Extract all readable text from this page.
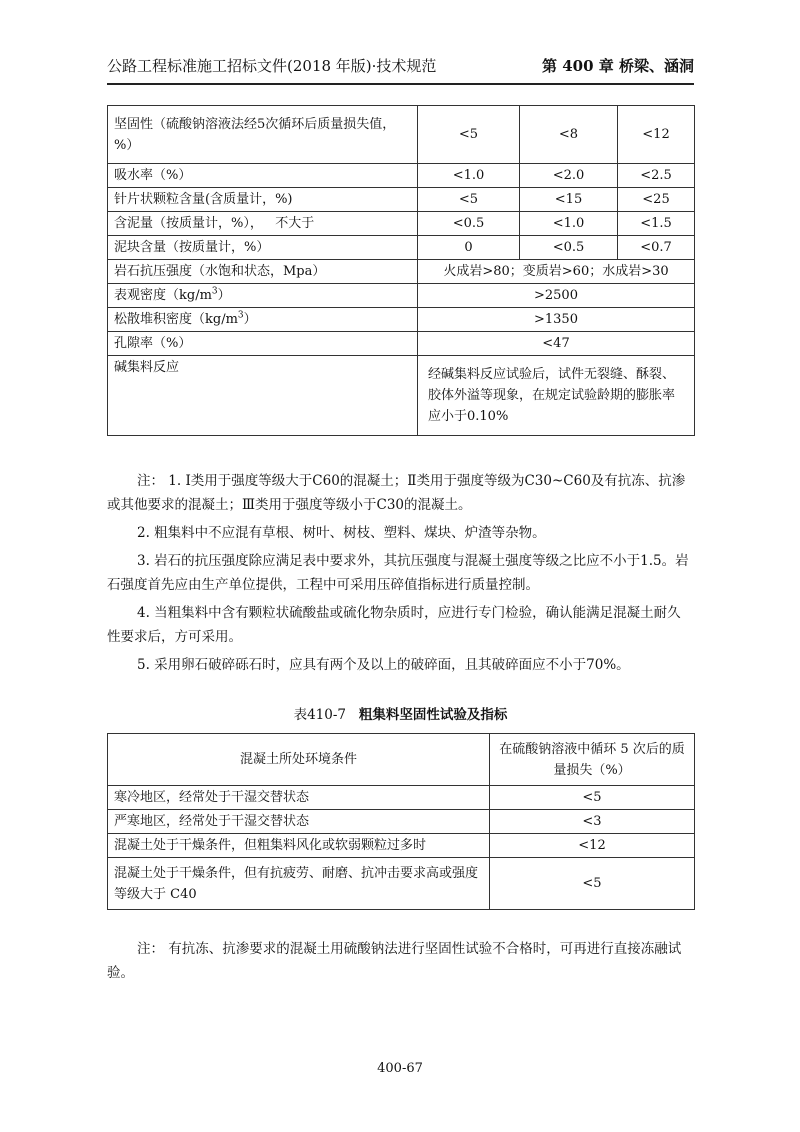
公路工程标准施工招标文件(2018 年版)·技术规范	第 400 章 桥梁、涵洞
坚固性（硫酸钠溶液法经5次循环后质量损失值，%）	<5	<8	<12
吸水率（%）	<1.0	<2.0	<2.5
针片状颗粒含量(含质量计，%)	<5	<15	<25
含泥量（按质量计，%），   不大于	<0.5	<1.0	<1.5
泥块含量（按质量计，%）	0	<0.5	<0.7
岩石抗压强度（水饱和状态，Mpa）	火成岩>80；变质岩>60；水成岩>30		
表观密度$(kg/m^3)$	>2500		
松散堆积密度$(kg/m^3)$	>1350		
孔隙率（%）	<47		
碱集料反应	经碱集料反应试验后，试件无裂缝、酥裂、胶体外溢等现象，在规定试验龄期的膨胀率应小于0.10%		
注： 1. Ⅰ类用于强度等级大于C60的混凝土；Ⅱ类用于强度等级为C30~C60及有抗冻、抗渗或其他要求的混凝土；Ⅲ类用于强度等级小于C30的混凝土。
2. 粗集料中不应混有草根、树叶、树枝、塑料、煤块、炉渣等杂物。
3. 岩石的抗压强度除应满足表中要求外，其抗压强度与混凝土强度等级之比应不小于1.5。岩石强度首先应由生产单位提供，工程中可采用压碎值指标进行质量控制。
4. 当粗集料中含有颗粒状硫酸盐或硫化物杂质时，应进行专门检验，确认能满足混凝土耐久性要求后，方可采用。
5. 采用卵石破碎砾石时，应具有两个及以上的破碎面，且其破碎面应不小于70%。
表410-7 粗集料坚固性试验及指标
混凝土所处环境条件	在硫酸钠溶液中循环 5 次后的质量损失（%）
寒冷地区，经常处于干湿交替状态	<5
严寒地区，经常处于干湿交替状态	<3
混凝土处于干燥条件，但粗集料风化或软弱颗粒过多时	<12
混凝土处于干燥条件，但有抗疲劳、耐磨、抗冲击要求高或强度等级大于 C40	<5
注： 有抗冻、抗渗要求的混凝土用硫酸钠法进行坚固性试验不合格时，可再进行直接冻融试验。
400-67
